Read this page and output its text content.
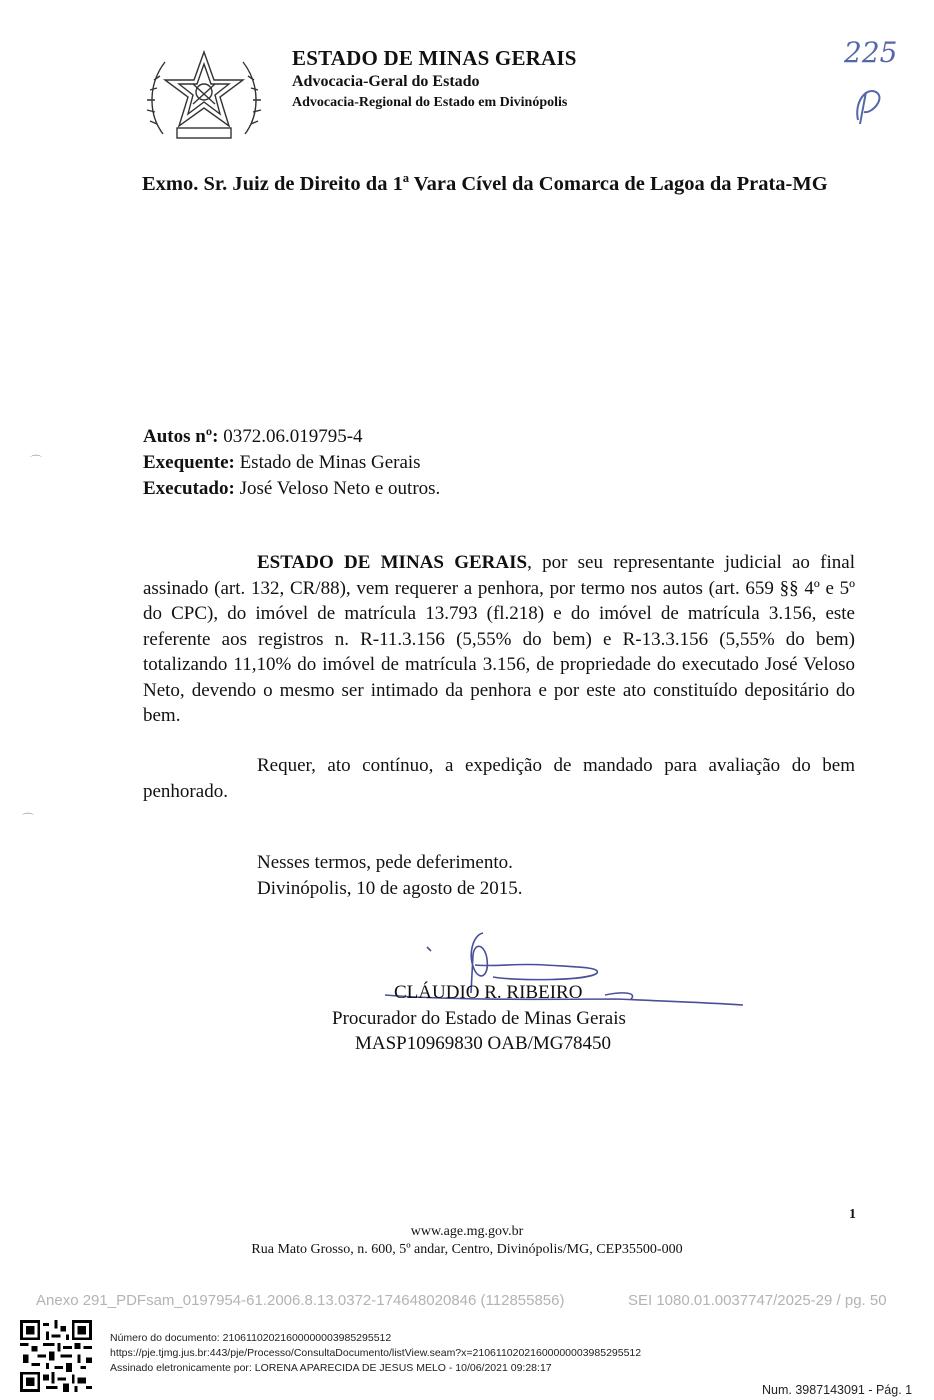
ESTADO DE MINAS GERAIS
Advocacia-Geral do Estado
Advocacia-Regional do Estado em Divinópolis
225
Exmo. Sr. Juiz de Direito da 1ª Vara Cível da Comarca de Lagoa da Prata-MG
Autos nº: 0372.06.019795-4
Exequente: Estado de Minas Gerais
Executado: José Veloso Neto e outros.
⌒
⌒
ESTADO DE MINAS GERAIS, por seu representante judicial ao final assinado (art. 132, CR/88), vem requerer a penhora, por termo nos autos (art. 659 §§ 4º e 5º do CPC), do imóvel de matrícula 13.793 (fl.218) e do imóvel de matrícula 3.156, este referente aos registros n. R-11.3.156 (5,55% do bem) e R-13.3.156 (5,55% do bem) totalizando 11,10% do imóvel de matrícula 3.156, de propriedade do executado José Veloso Neto, devendo o mesmo ser intimado da penhora e por este ato constituído depositário do bem.
Requer, ato contínuo, a expedição de mandado para avaliação do bem penhorado.
Nesses termos, pede deferimento.
Divinópolis, 10 de agosto de 2015.
CLÁUDIO R. RIBEIRO
Procurador do Estado de Minas Gerais
MASP10969830 OAB/MG78450
1
www.age.mg.gov.br
Rua Mato Grosso, n. 600, 5º andar, Centro, Divinópolis/MG, CEP35500-000
Anexo 291_PDFsam_0197954-61.2006.8.13.0372-174648020846 (112855856)	SEI 1080.01.0037747/2025-29 / pg. 50
Número do documento: 21061102021600000003985295512
https://pje.tjmg.jus.br:443/pje/Processo/ConsultaDocumento/listView.seam?x=21061102021600000003985295512
Assinado eletronicamente por: LORENA APARECIDA DE JESUS MELO - 10/06/2021 09:28:17
Num. 3987143091 - Pág. 1
